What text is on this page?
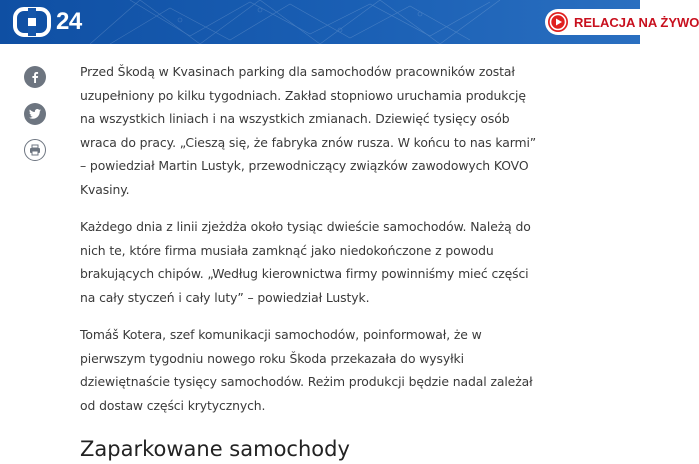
24	RELACJA NA ŻYWO

Przed Škodą w Kvasinach parking dla samochodów pracowników został uzupełniony po kilku tygodniach. Zakład stopniowo uruchamia produkcję na wszystkich liniach i na wszystkich zmianach. Dziewięć tysięcy osób wraca do pracy. „Cieszą się, że fabryka znów rusza. W końcu to nas karmi” – powiedział Martin Lustyk, przewodniczący związków zawodowych KOVO Kvasiny.

Każdego dnia z linii zjeżdża około tysiąc dwieście samochodów. Należą do nich te, które firma musiała zamknąć jako niedokończone z powodu brakujących chipów. „Według kierownictwa firmy powinniśmy mieć części na cały styczeń i cały luty” – powiedział Lustyk.

Tomáš Kotera, szef komunikacji samochodów, poinformował, że w pierwszym tygodniu nowego roku Škoda przekazała do wysyłki dziewiętnaście tysięcy samochodów. Reżim produkcji będzie nadal zależał od dostaw części krytycznych.

Zaparkowane samochody
